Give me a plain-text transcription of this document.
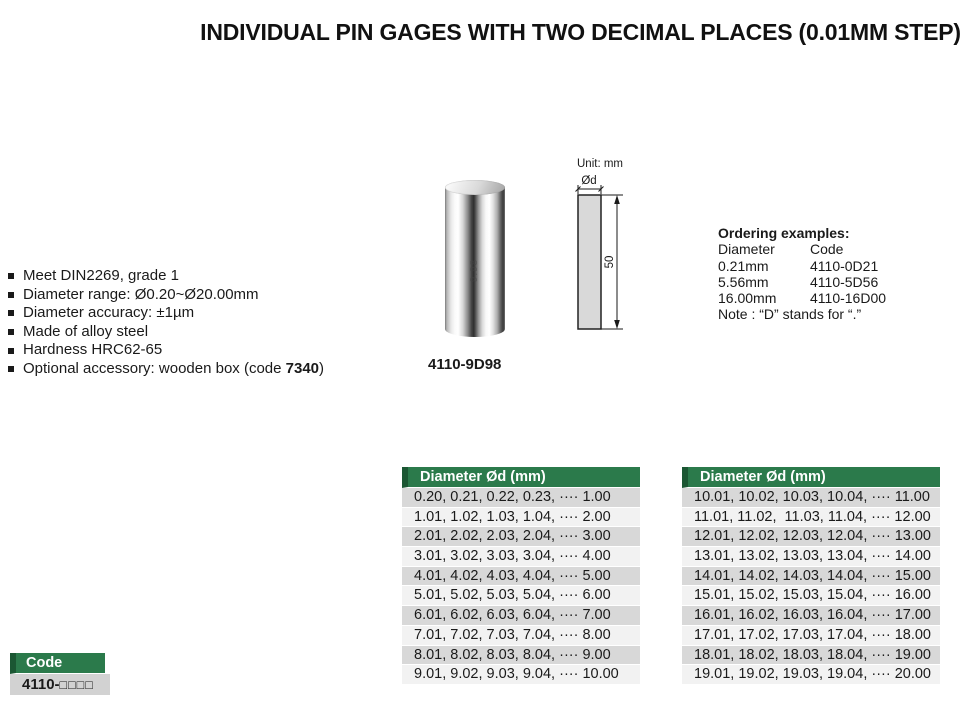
INDIVIDUAL PIN GAGES WITH TWO DECIMAL PLACES (0.01MM STEP)
Meet DIN2269, grade 1
Diameter range: Ø0.20~Ø20.00mm
Diameter accuracy: ±1µm
Made of alloy steel
Hardness HRC62-65
Optional accessory: wooden box (code 7340 )
9.98
4110-9D98
Unit: mm
Ød
50
Ordering examples:
Diameter	Code
0.21mm	4110-0D21
5.56mm	4110-5D56
16.00mm	4110-16D00
Note : “D” stands for “.”
Diameter Ød (mm)
0.20, 0.21, 0.22, 0.23, ···· 1.00
1.01, 1.02, 1.03, 1.04, ···· 2.00
2.01, 2.02, 2.03, 2.04, ···· 3.00
3.01, 3.02, 3.03, 3.04, ···· 4.00
4.01, 4.02, 4.03, 4.04, ···· 5.00
5.01, 5.02, 5.03, 5.04, ···· 6.00
6.01, 6.02, 6.03, 6.04, ···· 7.00
7.01, 7.02, 7.03, 7.04, ···· 8.00
8.01, 8.02, 8.03, 8.04, ···· 9.00
9.01, 9.02, 9.03, 9.04, ···· 10.00
Diameter Ød (mm)
10.01, 10.02, 10.03, 10.04, ···· 11.00
11.01, 11.02,  11.03, 11.04, ···· 12.00
12.01, 12.02, 12.03, 12.04, ···· 13.00
13.01, 13.02, 13.03, 13.04, ···· 14.00
14.01, 14.02, 14.03, 14.04, ···· 15.00
15.01, 15.02, 15.03, 15.04, ···· 16.00
16.01, 16.02, 16.03, 16.04, ···· 17.00
17.01, 17.02, 17.03, 17.04, ···· 18.00
18.01, 18.02, 18.03, 18.04, ···· 19.00
19.01, 19.02, 19.03, 19.04, ···· 20.00
Code
4110-□□□□
